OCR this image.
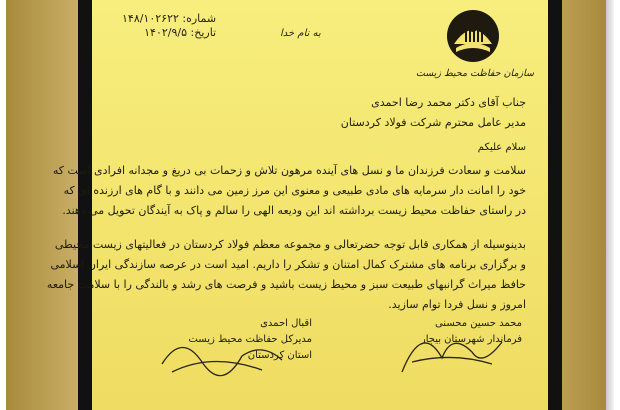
شماره: ۱۴۸/۱۰۲۶۲۲
تاریخ: ۱۴۰۲/۹/۵	به نام خدا
سازمان حفاظت محیط زیست
جناب آقای دکتر محمد رضا احمدی
مدیر عامل محترم شرکت فولاد کردستان
سلام علیکم
سلامت و سعادت فرزندان ما و نسل های آینده مرهون تلاش و زحمات بی دریغ و مجدانه افرادی است که
خود را امانت دار سرمایه های مادی طبیعی و معنوی این مرز زمین می دانند و با گام های ارزنده ای که
در راستای حفاظت محیط زیست برداشته اند این ودیعه الهی را سالم و پاک به آیندگان تحویل می دهند.
بدینوسیله از همکاری قابل توجه حضرتعالی و مجموعه معظم فولاد کردستان در فعالیتهای زیست محیطی
و برگزاری برنامه های مشترک کمال امتنان و تشکر را داریم. امید است در عرصه سازندگی ایران اسلامی
حافظ میراث گرانبهای طبیعت سبز و محیط زیست باشید و فرصت های رشد و بالندگی را با سلامت جامعه
امروز و نسل فردا توام سازید.
اقبال احمدی
مدیرکل حفاظت محیط زیست
استان کردستان
محمد حسین محسنی
فرماندار شهرستان بیجار
